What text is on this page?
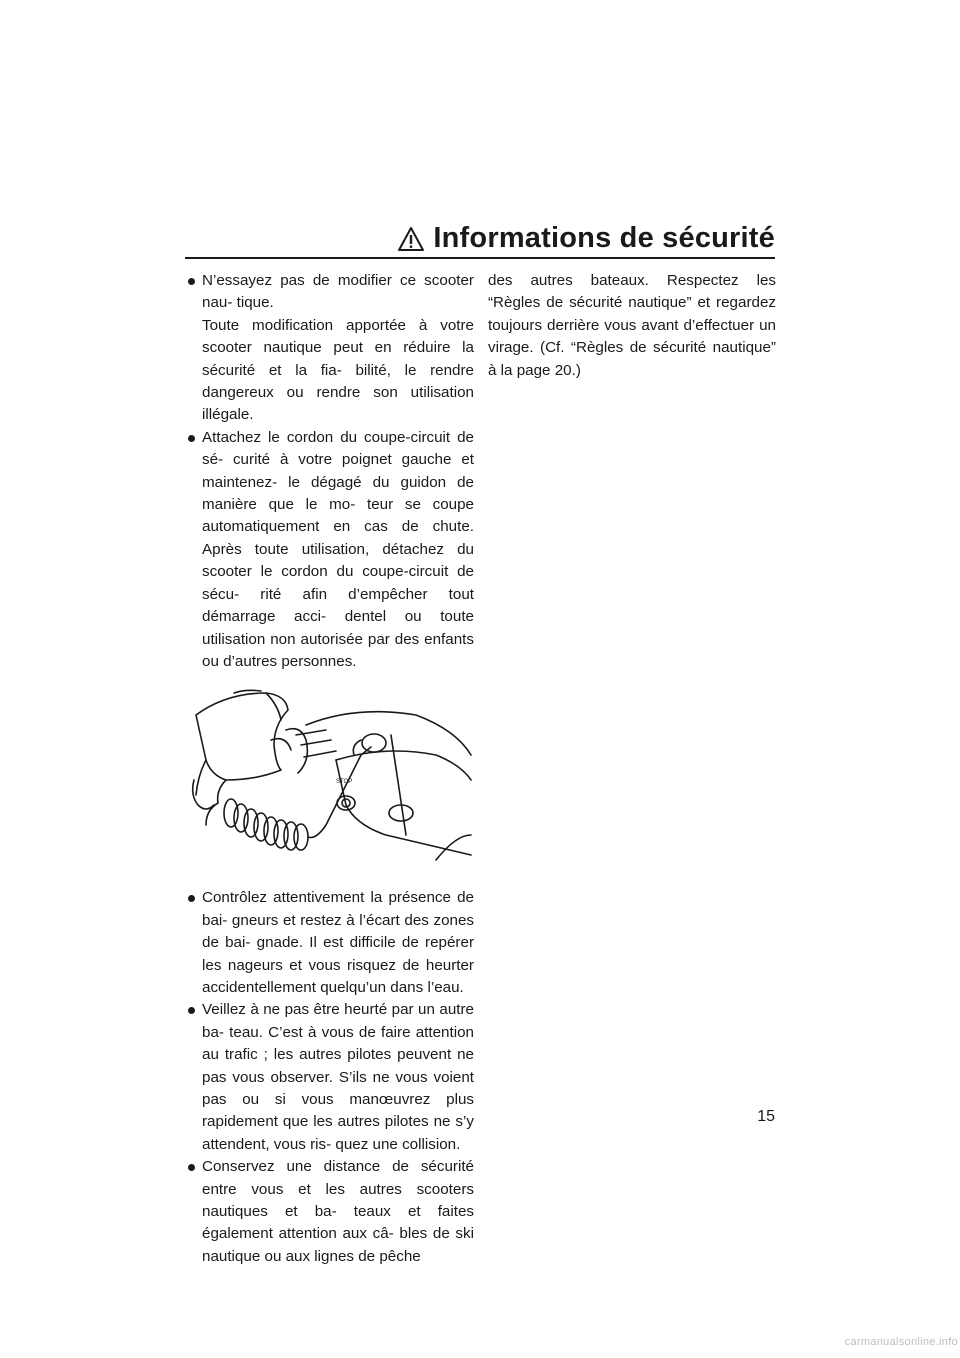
Informations de sécurité

N’essayez pas de modifier ce scooter nau- tique.

Toute modification apportée à votre scooter nautique peut en réduire la sécurité et la fia- bilité, le rendre dangereux ou rendre son utilisation illégale.

Attachez le cordon du coupe-circuit de sé- curité à votre poignet gauche et maintenez- le dégagé du guidon de manière que le mo- teur se coupe automatiquement en cas de chute. Après toute utilisation, détachez du scooter le cordon du coupe-circuit de sécu- rité afin d’empêcher tout démarrage acci- dentel ou toute utilisation non autorisée par des enfants ou d’autres personnes.

STOP

Contrôlez attentivement la présence de bai- gneurs et restez à l’écart des zones de bai- gnade. Il est difficile de repérer les nageurs et vous risquez de heurter accidentellement quelqu’un dans l’eau.

Veillez à ne pas être heurté par un autre ba- teau. C’est à vous de faire attention au trafic ; les autres pilotes peuvent ne pas vous observer. S’ils ne vous voient pas ou si vous manœuvrez plus rapidement que les autres pilotes ne s’y attendent, vous ris- quez une collision.

Conservez une distance de sécurité entre vous et les autres scooters nautiques et ba- teaux et faites également attention aux câ- bles de ski nautique ou aux lignes de pêche

des autres bateaux. Respectez les “Règles de sécurité nautique” et regardez toujours derrière vous avant d’effectuer un virage. (Cf. “Règles de sécurité nautique” à la page 20.)

15
carmanualsonline.info
